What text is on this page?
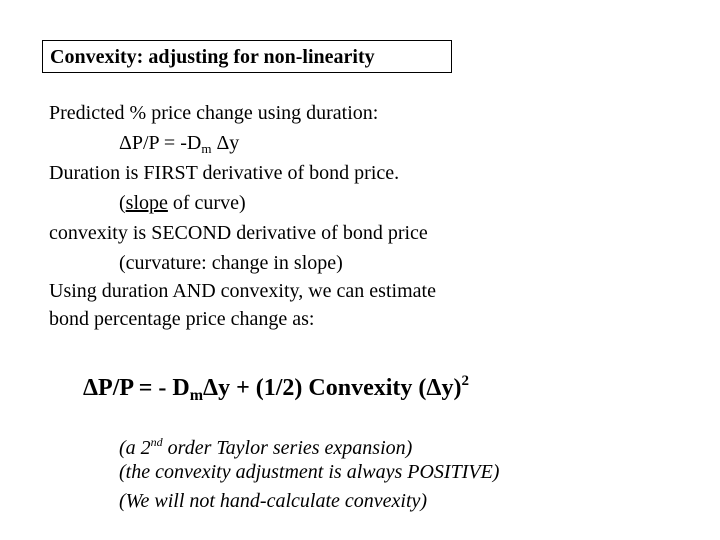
Convexity: adjusting for non-linearity
Predicted % price change using duration:
$\Delta P/P = -D_m$ Δy
Duration is FIRST derivative of bond price.
(slope of curve)
convexity is SECOND derivative of bond price
(curvature: change in slope)
Using duration AND convexity, we can estimate
bond percentage price change as:
ΔP/P = - $D_m\Delta y + (1/2)$ Convexity $(\Delta y)^2$
(a 2nd order Taylor series expansion)
(the convexity adjustment is always POSITIVE)
(We will not hand-calculate convexity)
